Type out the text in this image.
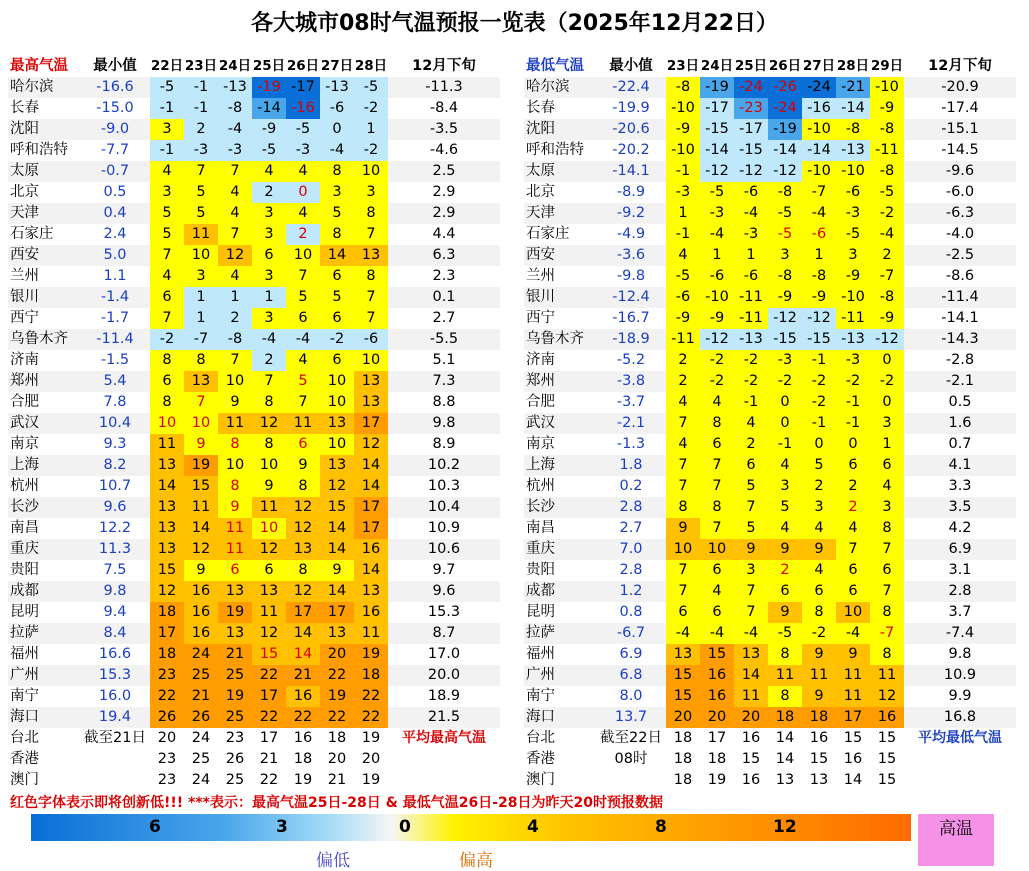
各大城市08时气温预报一览表（2025年12月22日）
最高气温	最小值	22日	23日	24日	25日	26日	27日	28日	12月下旬
哈尔滨	-16.6	-5	-1	-13	-19	-17	-13	-5	-11.3
长春	-15.0	-1	-1	-8	-14	-16	-6	-2	-8.4
沈阳	-9.0	3	2	-4	-9	-5	0	1	-3.5
呼和浩特	-7.7	-1	-3	-3	-5	-3	-4	-2	-4.6
太原	-0.7	4	7	7	4	4	8	10	2.5
北京	0.5	3	5	4	2	0	3	3	2.9
天津	0.4	5	5	4	3	4	5	8	2.9
石家庄	2.4	5	11	7	3	2	8	7	4.4
西安	5.0	7	10	12	6	10	14	13	6.3
兰州	1.1	4	3	4	3	7	6	8	2.3
银川	-1.4	6	1	1	1	5	5	7	0.1
西宁	-1.7	7	1	2	3	6	6	7	2.7
乌鲁木齐	-11.4	-2	-7	-8	-4	-4	-2	-6	-5.5
济南	-1.5	8	8	7	2	4	6	10	5.1
郑州	5.4	6	13	10	7	5	10	13	7.3
合肥	7.8	8	7	9	8	7	10	13	8.8
武汉	10.4	10	10	11	12	11	13	17	9.8
南京	9.3	11	9	8	8	6	10	12	8.9
上海	8.2	13	19	10	10	9	13	14	10.2
杭州	10.7	14	15	8	9	8	12	14	10.3
长沙	9.6	13	11	9	11	12	15	17	10.4
南昌	12.2	13	14	11	10	12	14	17	10.9
重庆	11.3	13	12	11	12	13	14	16	10.6
贵阳	7.5	15	9	6	6	8	9	14	9.7
成都	9.8	12	16	13	13	12	14	13	9.6
昆明	9.4	18	16	19	11	17	17	16	15.3
拉萨	8.4	17	16	13	12	14	13	11	8.7
福州	16.6	18	24	21	15	14	20	19	17.0
广州	15.3	23	25	25	22	21	22	18	20.0
南宁	16.0	22	21	19	17	16	19	22	18.9
海口	19.4	26	26	25	22	22	22	22	21.5
台北	截至21日	20	24	23	17	16	18	19	平均最高气温
香港		23	25	26	21	18	20	20	
澳门		23	24	25	22	19	21	19	
最低气温	最小值	23日	24日	25日	26日	27日	28日	29日	12月下旬
哈尔滨	-22.4	-8	-19	-24	-26	-24	-21	-10	-20.9
长春	-19.9	-10	-17	-23	-24	-16	-14	-9	-17.4
沈阳	-20.6	-9	-15	-17	-19	-10	-8	-8	-15.1
呼和浩特	-20.2	-10	-14	-15	-14	-14	-13	-11	-14.5
太原	-14.1	-1	-12	-12	-12	-10	-10	-8	-9.6
北京	-8.9	-3	-5	-6	-8	-7	-6	-5	-6.0
天津	-9.2	1	-3	-4	-5	-4	-3	-2	-6.3
石家庄	-4.9	-1	-4	-3	-5	-6	-5	-4	-4.0
西安	-3.6	4	1	1	3	1	3	2	-2.5
兰州	-9.8	-5	-6	-6	-8	-8	-9	-7	-8.6
银川	-12.4	-6	-10	-11	-9	-9	-10	-8	-11.4
西宁	-16.7	-9	-9	-11	-12	-12	-11	-9	-14.1
乌鲁木齐	-18.9	-11	-12	-13	-15	-15	-13	-12	-14.3
济南	-5.2	2	-2	-2	-3	-1	-3	0	-2.8
郑州	-3.8	2	-2	-2	-2	-2	-2	-2	-2.1
合肥	-3.7	4	4	-1	0	-2	-1	0	0.5
武汉	-2.1	7	8	4	0	-1	-1	3	1.6
南京	-1.3	4	6	2	-1	0	0	1	0.7
上海	1.8	7	7	6	4	5	6	6	4.1
杭州	0.2	7	7	5	3	2	2	4	3.3
长沙	2.8	8	8	7	5	3	2	3	3.5
南昌	2.7	9	7	5	4	4	4	8	4.2
重庆	7.0	10	10	9	9	9	7	7	6.9
贵阳	2.8	7	6	3	2	4	6	6	3.1
成都	1.2	7	4	7	6	6	6	7	2.8
昆明	0.8	6	6	7	9	8	10	8	3.7
拉萨	-6.7	-4	-4	-4	-5	-2	-4	-7	-7.4
福州	6.9	13	15	13	8	9	9	8	9.8
广州	6.8	15	16	14	11	11	11	11	10.9
南宁	8.0	15	16	11	8	9	11	12	9.9
海口	13.7	20	20	20	18	18	17	16	16.8
台北	截至22日	18	17	16	14	16	15	15	平均最低气温
香港	08时	18	18	15	14	15	16	15	
澳门		18	19	16	13	13	14	15	
红色字体表示即将创新低!!! ***表示：最高气温25日-28日 & 最低气温26日-28日为昨天20时预报数据
6	3	0	4	8	12	高温
偏低	偏高
